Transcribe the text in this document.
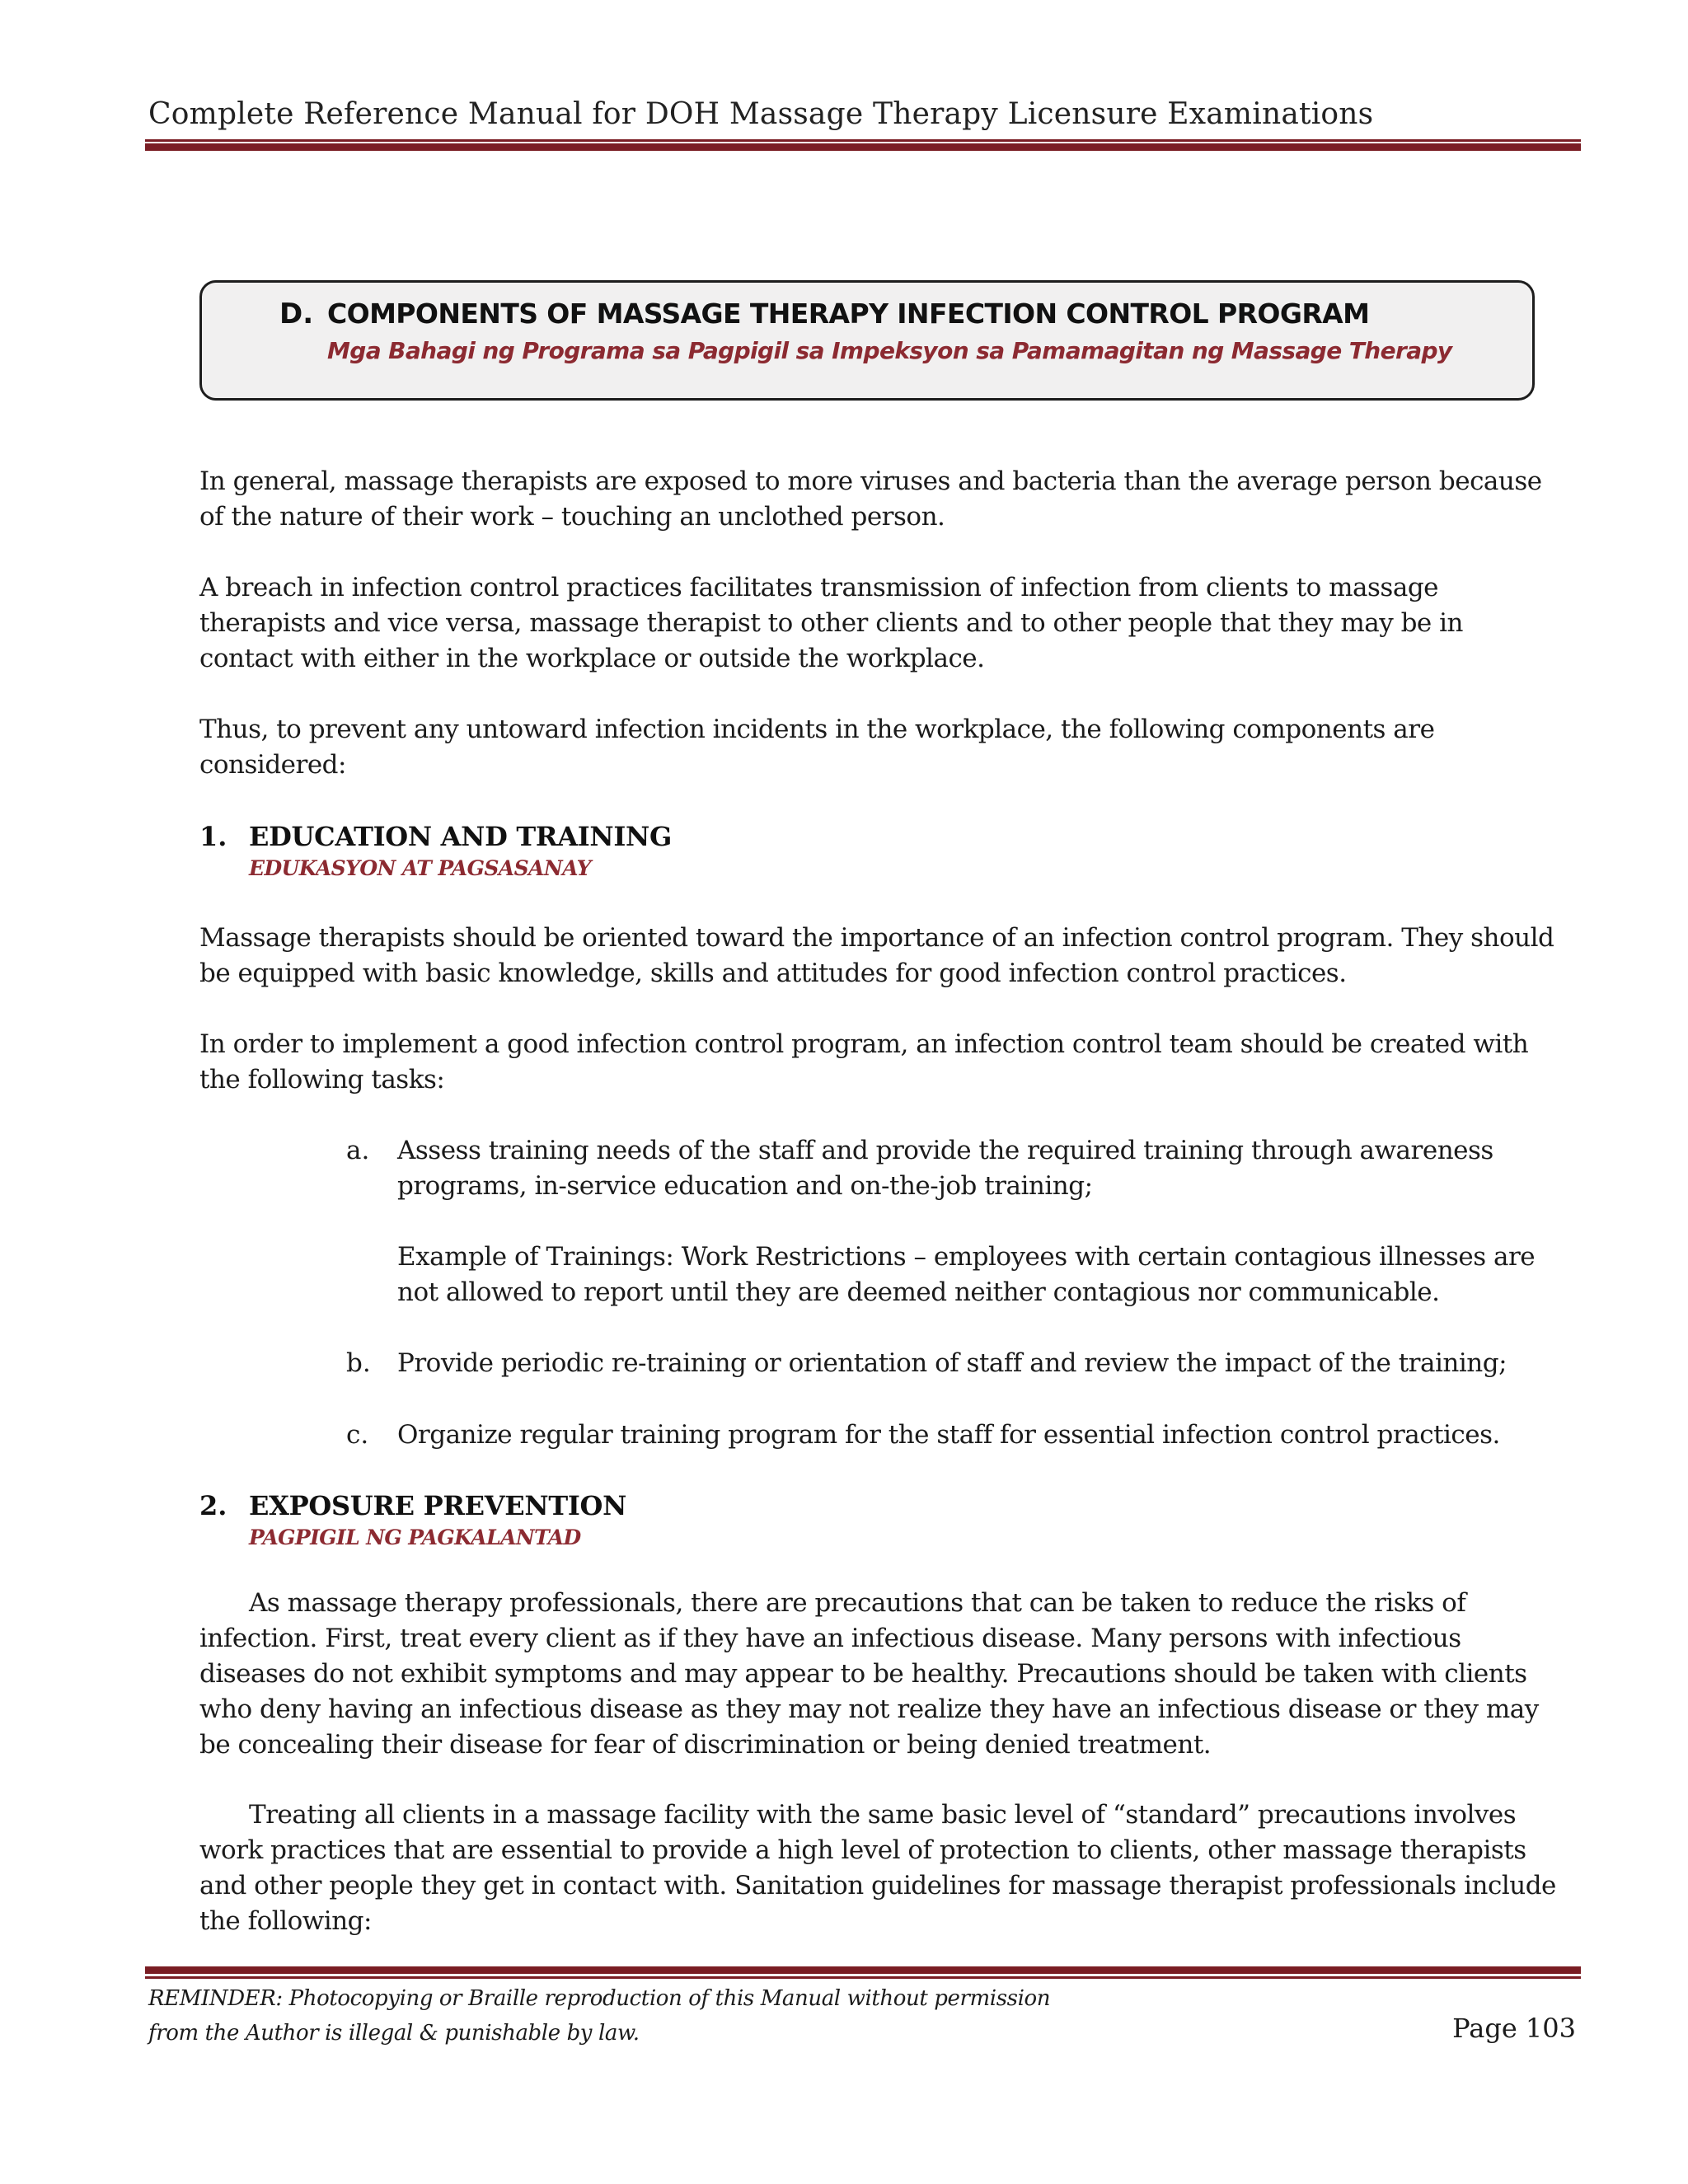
Complete Reference Manual for DOH Massage Therapy Licensure Examinations
D. COMPONENTS OF MASSAGE THERAPY INFECTION CONTROL PROGRAM
Mga Bahagi ng Programa sa Pagpigil sa Impeksyon sa Pamamagitan ng Massage Therapy

In general, massage therapists are exposed to more viruses and bacteria than the average person because of the nature of their work – touching an unclothed person.

A breach in infection control practices facilitates transmission of infection from clients to massage therapists and vice versa, massage therapist to other clients and to other people that they may be in contact with either in the workplace or outside the workplace.

Thus, to prevent any untoward infection incidents in the workplace, the following components are considered:

1. EDUCATION AND TRAINING
EDUKASYON AT PAGSASANAY

Massage therapists should be oriented toward the importance of an infection control program. They should be equipped with basic knowledge, skills and attitudes for good infection control practices.

In order to implement a good infection control program, an infection control team should be created with the following tasks:

a. Assess training needs of the staff and provide the required training through awareness programs, in-service education and on-the-job training;

Example of Trainings: Work Restrictions – employees with certain contagious illnesses are not allowed to report until they are deemed neither contagious nor communicable.

b. Provide periodic re-training or orientation of staff and review the impact of the training;

c. Organize regular training program for the staff for essential infection control practices.

2. EXPOSURE PREVENTION
PAGPIGIL NG PAGKALANTAD

As massage therapy professionals, there are precautions that can be taken to reduce the risks of infection. First, treat every client as if they have an infectious disease. Many persons with infectious diseases do not exhibit symptoms and may appear to be healthy. Precautions should be taken with clients who deny having an infectious disease as they may not realize they have an infectious disease or they may be concealing their disease for fear of discrimination or being denied treatment.

Treating all clients in a massage facility with the same basic level of “standard” precautions involves work practices that are essential to provide a high level of protection to clients, other massage therapists and other people they get in contact with. Sanitation guidelines for massage therapist professionals include the following:

REMINDER: Photocopying or Braille reproduction of this Manual without permission
from the Author is illegal & punishable by law.	Page 103
